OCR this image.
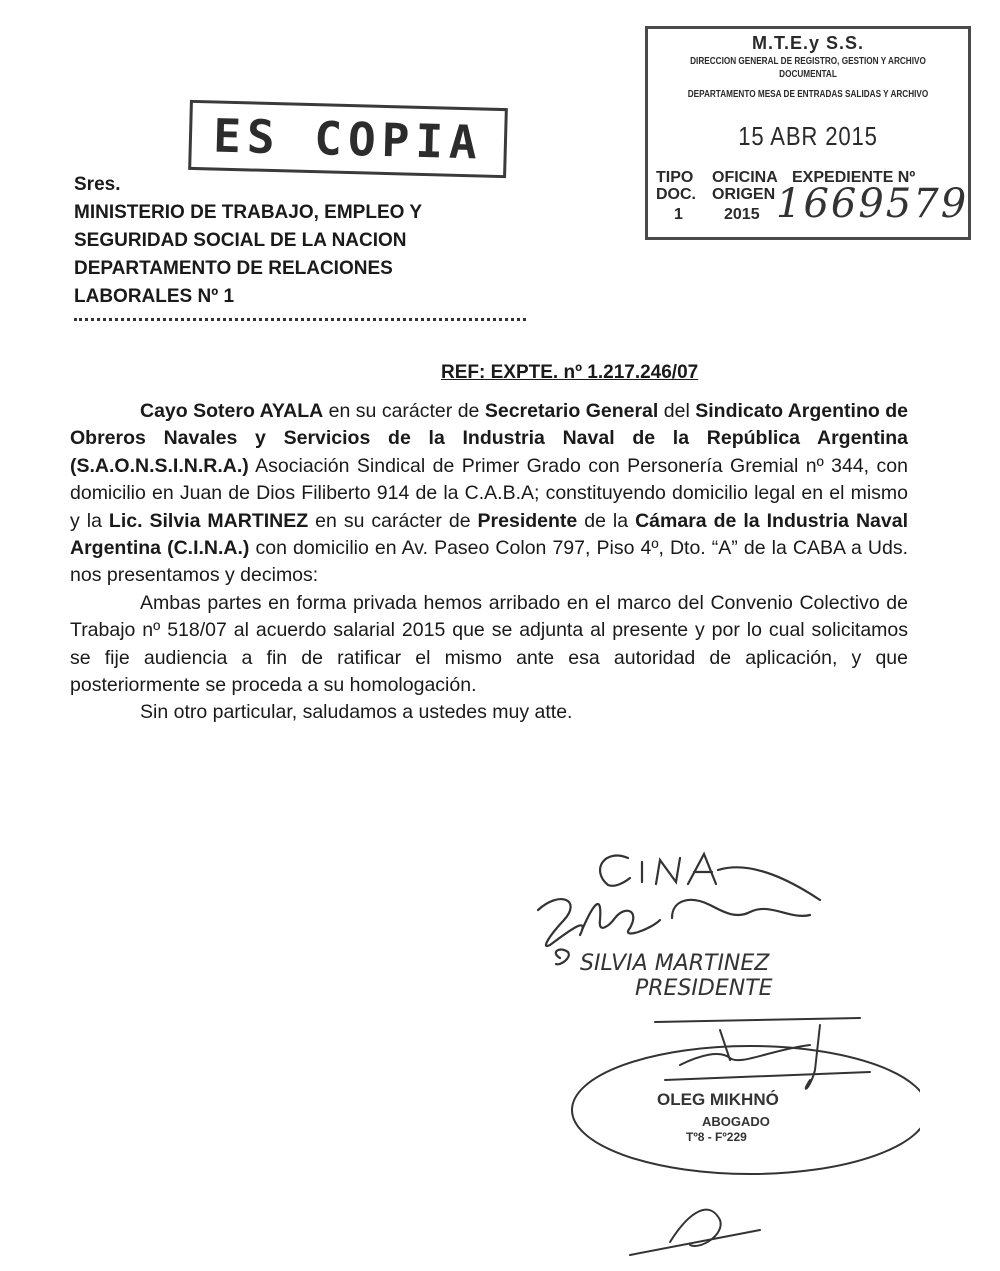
M.T.E.y S.S.
DIRECCION GENERAL DE REGISTRO, GESTION Y ARCHIVO
DOCUMENTAL
DEPARTAMENTO MESA DE ENTRADAS SALIDAS Y ARCHIVO
15 ABR 2015
TIPO
DOC.
OFICINA
ORIGEN
EXPEDIENTE Nº
1	2015 1669579
ES COPIA
Sres.
MINISTERIO DE TRABAJO, EMPLEO Y
SEGURIDAD SOCIAL DE LA NACION
DEPARTAMENTO DE RELACIONES
LABORALES Nº 1
REF: EXPTE. nº 1.217.246/07

Cayo Sotero AYALA en su carácter de Secretario General del Sindicato Argentino de Obreros Navales y Servicios de la Industria Naval de la República Argentina (S.A.O.N.S.I.N.R.A.) Asociación Sindical de Primer Grado con Personería Gremial nº 344, con domicilio en Juan de Dios Filiberto 914 de la C.A.B.A; constituyendo domicilio legal en el mismo y la Lic. Silvia MARTINEZ en su carácter de Presidente de la Cámara de la Industria Naval Argentina (C.I.N.A.) con domicilio en Av. Paseo Colon 797, Piso 4º, Dto. “A” de la CABA a Uds. nos presentamos y decimos:

Ambas partes en forma privada hemos arribado en el marco del Convenio Colectivo de Trabajo nº 518/07 al acuerdo salarial 2015 que se adjunta al presente y por lo cual solicitamos se fije audiencia a fin de ratificar el mismo ante esa autoridad de aplicación, y que posteriormente se proceda a su homologación.

Sin otro particular, saludamos a ustedes muy atte.

SILVIA MARTINEZ
PRESIDENTE
OLEG MIKHNÓ
ABOGADO
Tº8 - Fº229
